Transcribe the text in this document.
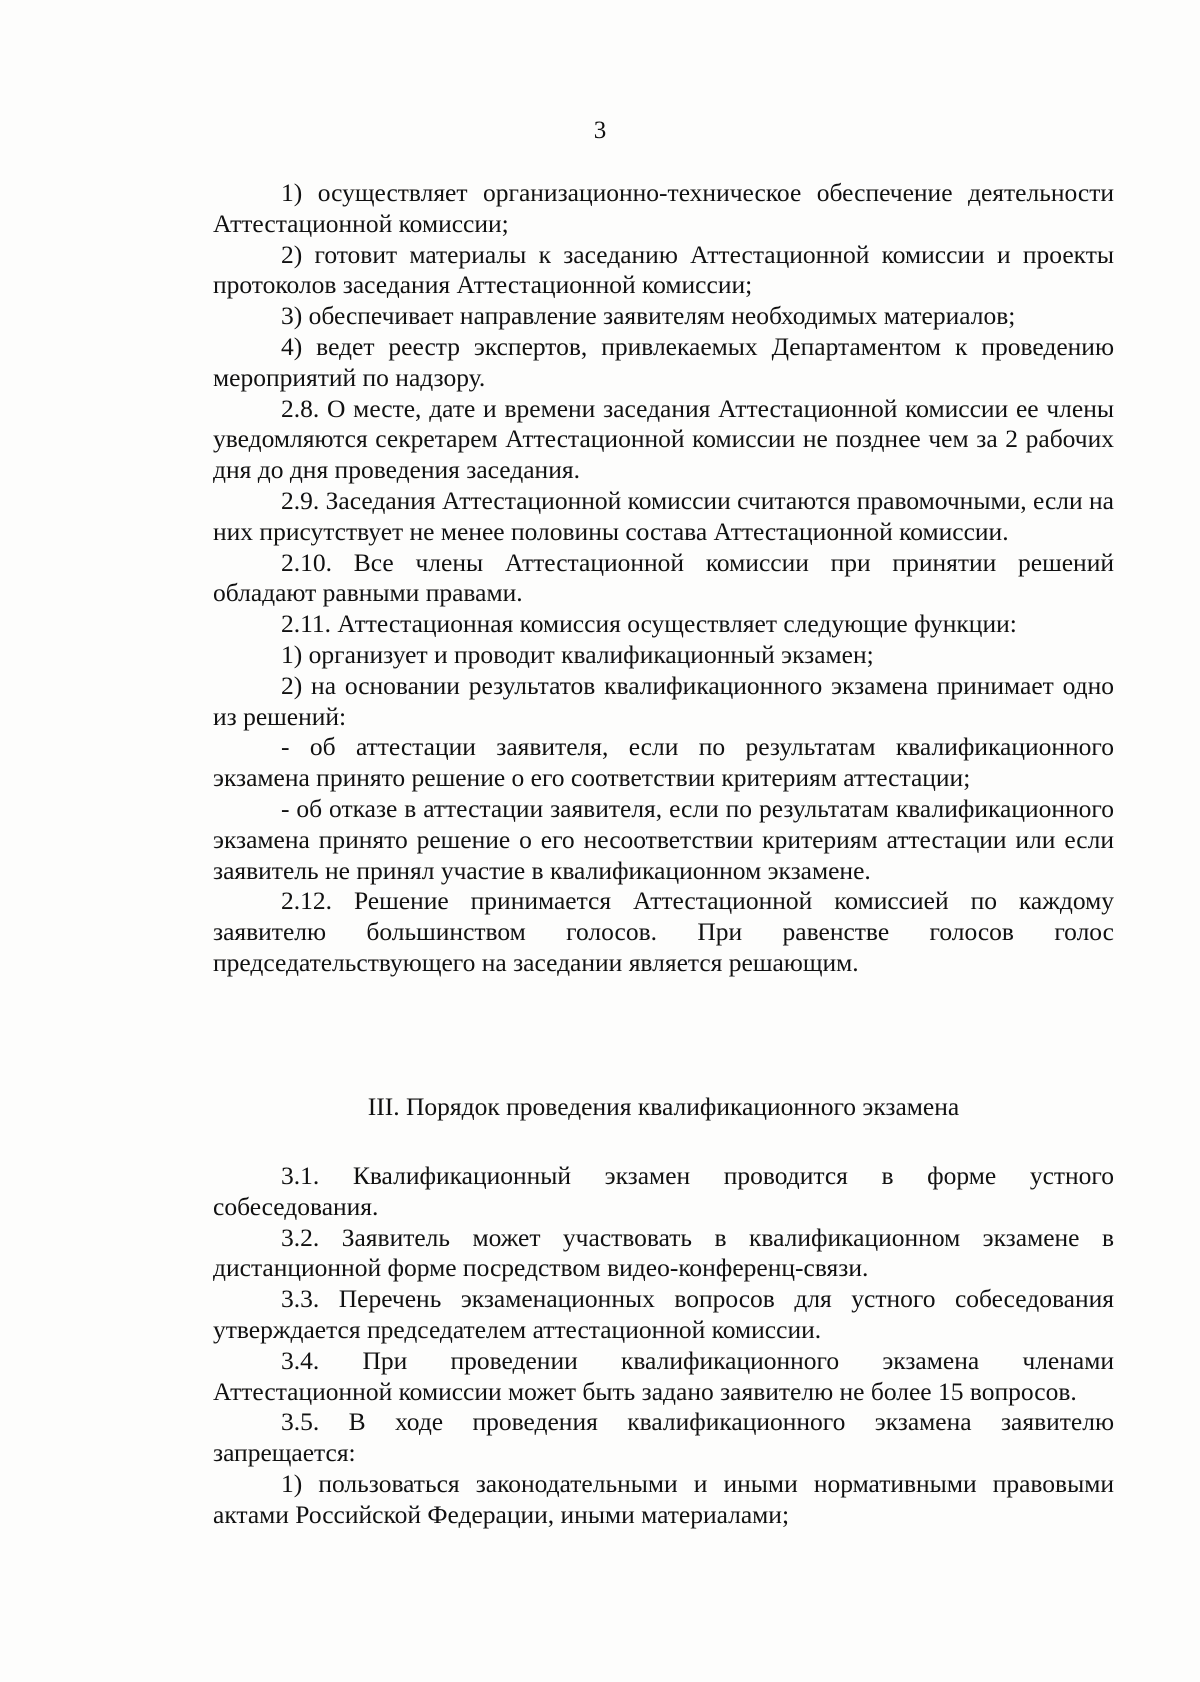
3

1) осуществляет организационно-техническое обеспечение деятельности Аттестационной комиссии;

2) готовит материалы к заседанию Аттестационной комиссии и проекты протоколов заседания Аттестационной комиссии;

3) обеспечивает направление заявителям необходимых материалов;

4) ведет реестр экспертов, привлекаемых Департаментом к проведению мероприятий по надзору.

2.8. О месте, дате и времени заседания Аттестационной комиссии ее члены уведомляются секретарем Аттестационной комиссии не позднее чем за 2 рабочих дня до дня проведения заседания.

2.9. Заседания Аттестационной комиссии считаются правомочными, если на них присутствует не менее половины состава Аттестационной комиссии.

2.10. Все члены Аттестационной комиссии при принятии решений обладают равными правами.

2.11. Аттестационная комиссия осуществляет следующие функции:

1) организует и проводит квалификационный экзамен;

2) на основании результатов квалификационного экзамена принимает одно из решений:

- об аттестации заявителя, если по результатам квалификационного экзамена принято решение о его соответствии критериям аттестации;

- об отказе в аттестации заявителя, если по результатам квалификационного экзамена принято решение о его несоответствии критериям аттестации или если заявитель не принял участие в квалификационном экзамене.

2.12. Решение принимается Аттестационной комиссией по каждому заявителю большинством голосов. При равенстве голосов голос председательствующего на заседании является решающим.

III. Порядок проведения квалификационного экзамена

3.1. Квалификационный экзамен проводится в форме устного собеседования.

3.2. Заявитель может участвовать в квалификационном экзамене в дистанционной форме посредством видео-конференц-связи.

3.3. Перечень экзаменационных вопросов для устного собеседования утверждается председателем аттестационной комиссии.

3.4. При проведении квалификационного экзамена членами Аттестационной комиссии может быть задано заявителю не более 15 вопросов.

3.5. В ходе проведения квалификационного экзамена заявителю запрещается:

1) пользоваться законодательными и иными нормативными правовыми актами Российской Федерации, иными материалами;
